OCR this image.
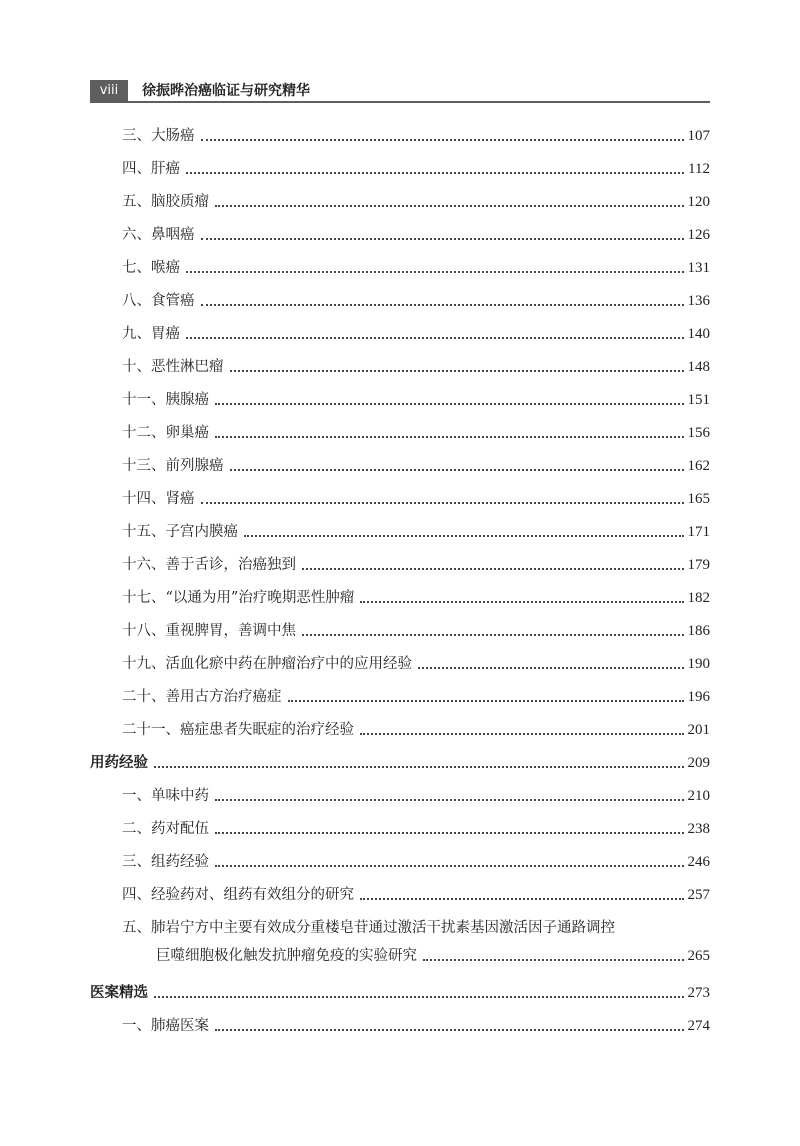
viii	徐振晔治癌临证与研究精华
三、大肠癌	107
四、肝癌	112
五、脑胶质瘤	120
六、鼻咽癌	126
七、喉癌	131
八、食管癌	136
九、胃癌	140
十、恶性淋巴瘤	148
十一、胰腺癌	151
十二、卵巢癌	156
十三、前列腺癌	162
十四、肾癌	165
十五、子宫内膜癌	171
十六、善于舌诊，治癌独到	179
十七、“以通为用”治疗晚期恶性肿瘤	182
十八、重视脾胃，善调中焦	186
十九、活血化瘀中药在肿瘤治疗中的应用经验	190
二十、善用古方治疗癌症	196
二十一、癌症患者失眠症的治疗经验	201
用药经验	209
一、单味中药	210
二、药对配伍	238
三、组药经验	246
四、经验药对、组药有效组分的研究	257
五、肺岩宁方中主要有效成分重楼皂苷通过激活干扰素基因激活因子通路调控
巨噬细胞极化触发抗肿瘤免疫的实验研究	265
医案精选	273
一、肺癌医案	274
